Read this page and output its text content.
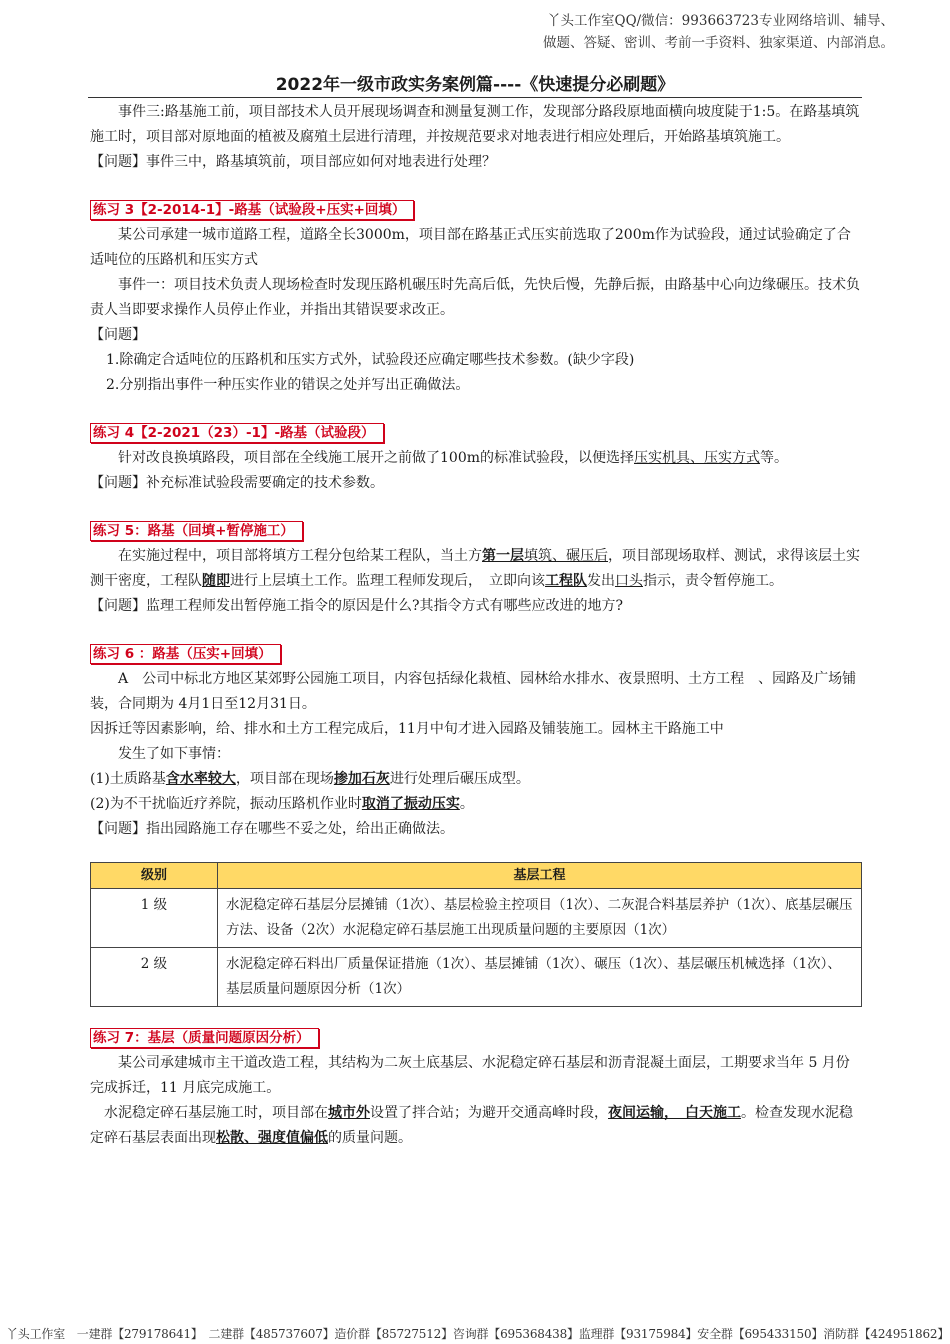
丫头工作室QQ/微信：993663723专业网络培训、辅导、
做题、答疑、密训、考前一手资料、独家渠道、内部消息。
2022年一级市政实务案例篇----《快速提分必刷题》

事件三:路基施工前，项目部技术人员开展现场调查和测量复测工作，发现部分路段原地面横向坡度陡于1:5。在路基填筑施工时，项目部对原地面的植被及腐殖土层进行清理，并按规范要求对地表进行相应处理后，开始路基填筑施工。

【问题】事件三中，路基填筑前，项目部应如何对地表进行处理？

练习 3【2-2014-1】-路基（试验段+压实+回填）

某公司承建一城市道路工程，道路全长3000m，项目部在路基正式压实前选取了200m作为试验段，通过试验确定了合适吨位的压路机和压实方式

事件一：项目技术负责人现场检查时发现压路机碾压时先高后低，先快后慢，先静后振，由路基中心向边缘碾压。技术负责人当即要求操作人员停止作业，并指出其错误要求改正。

【问题】

1.除确定合适吨位的压路机和压实方式外，试验段还应确定哪些技术参数。(缺少字段)

2.分别指出事件一种压实作业的错误之处并写出正确做法。

练习 4【2-2021（23）-1】-路基（试验段）

针对改良换填路段，项目部在全线施工展开之前做了100m的标准试验段，以便选择压实机具、压实方式等。

【问题】补充标准试验段需要确定的技术参数。

练习 5：路基（回填+暂停施工）

在实施过程中，项目部将填方工程分包给某工程队，当土方第一层填筑、碾压后，项目部现场取样、测试，求得该层土实测干密度，工程队随即进行上层填土工作。监理工程师发现后，　立即向该工程队发出口头指示，责令暂停施工。

【问题】监理工程师发出暂停施工指令的原因是什么?其指令方式有哪些应改进的地方?

练习 6 ：路基（压实+回填）

A　公司中标北方地区某郊野公园施工项目，内容包括绿化栽植、园林给水排水、夜景照明、土方工程　、园路及广场铺装，合同期为 4月1日至12月31日。

因拆迁等因素影响，给、排水和土方工程完成后，11月中旬才进入园路及铺装施工。园林主干路施工中

发生了如下事情：

(1)土质路基含水率较大，项目部在现场掺加石灰进行处理后碾压成型。

(2)为不干扰临近疗养院，振动压路机作业时取消了振动压实。

【问题】指出园路施工存在哪些不妥之处，给出正确做法。

级别	基层工程
1 级	水泥稳定碎石基层分层摊铺（1次）、基层检验主控项目（1次）、二灰混合料基层养护（1次）、底基层碾压方法、设备（2次）水泥稳定碎石基层施工出现质量问题的主要原因（1次）
2 级	水泥稳定碎石料出厂质量保证措施（1次）、基层摊铺（1次）、碾压（1次）、基层碾压机械选择（1次）、基层质量问题原因分析（1次）

练习 7：基层（质量问题原因分析）

某公司承建城市主干道改造工程，其结构为二灰土底基层、水泥稳定碎石基层和沥青混凝土面层，工期要求当年 5 月份完成拆迁，11 月底完成施工。

水泥稳定碎石基层施工时，项目部在城市外设置了拌合站；为避开交通高峰时段，夜间运输，　白天施工。检查发现水泥稳定碎石基层表面出现松散、强度值偏低的质量问题。

丫头工作室　一建群【279178641】　二建群【485737607】造价群【85727512】咨询群【695368438】监理群【93175984】安全群【695433150】消防群【424951862】
